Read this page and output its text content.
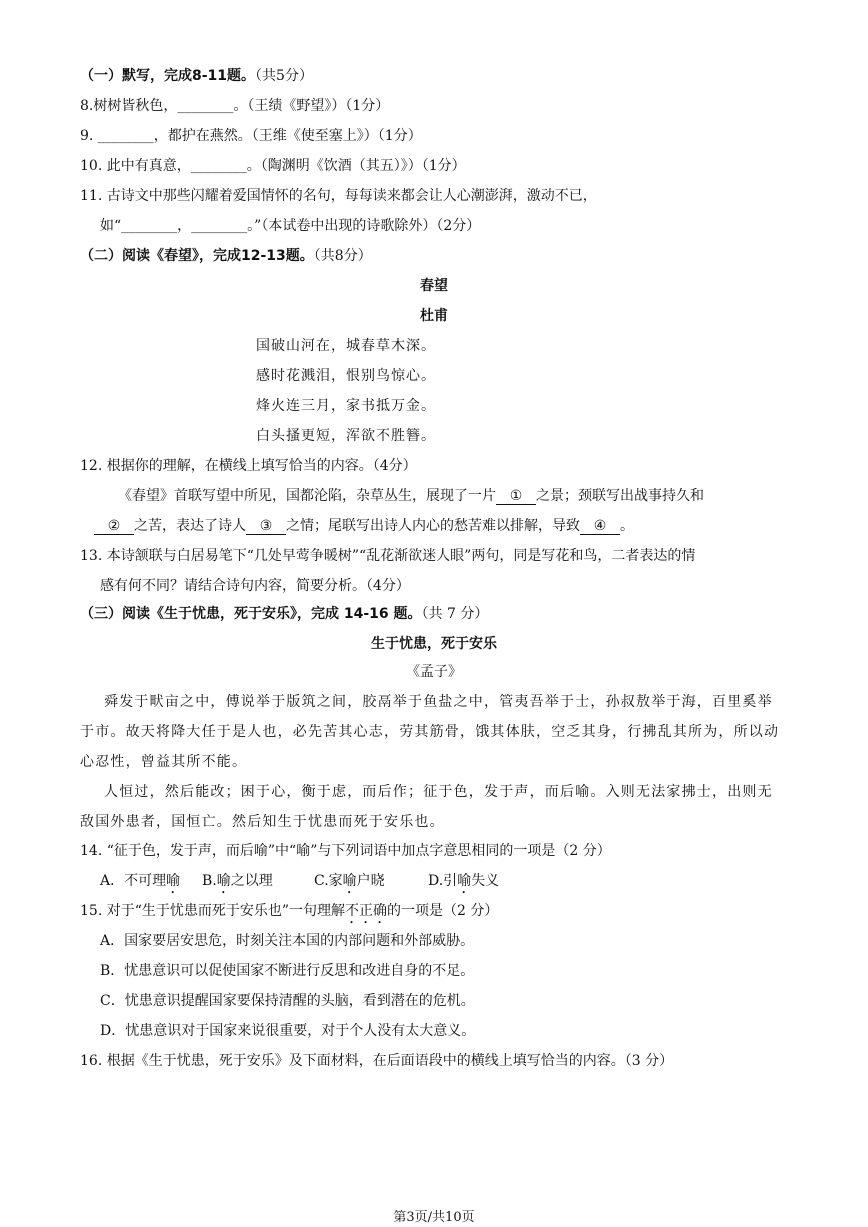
（一）默写，完成8-11题。（共5分）
8.树树皆秋色，________。（王绩《野望》）（1分）
9. ________，都护在燕然。（王维《使至塞上》）（1分）
10. 此中有真意，________。（陶渊明《饮酒（其五）》）（1分）
11. 古诗文中那些闪耀着爱国情怀的名句，每每读来都会让人心潮澎湃，激动不已，
如“________，________。”（本试卷中出现的诗歌除外）（2分）
（二）阅读《春望》，完成12-13题。（共8分）
春望
杜甫
国破山河在，城春草木深。
感时花溅泪，恨别鸟惊心。
烽火连三月，家书抵万金。
白头搔更短，浑欲不胜簪。
12. 根据你的理解，在横线上填写恰当的内容。（4分）
《春望》首联写望中所见，国都沦陷，杂草丛生，展现了一片 ① 之景；颈联写出战事持久和
② 之苦，表达了诗人 ③ 之情；尾联写出诗人内心的愁苦难以排解，导致 ④ 。
13. 本诗颔联与白居易笔下“几处早莺争暖树”“乱花渐欲迷人眼”两句，同是写花和鸟，二者表达的情
感有何不同？请结合诗句内容，简要分析。（4分）
（三）阅读《生于忧患，死于安乐》，完成 14-16 题。（共 7 分）
生于忧患，死于安乐
《孟子》
舜发于畎亩之中，傅说举于版筑之间，胶鬲举于鱼盐之中，管夷吾举于士，孙叔敖举于海，百里奚举
于市。故天将降大任于是人也，必先苦其心志，劳其筋骨，饿其体肤，空乏其身，行拂乱其所为，所以动
心忍性，曾益其所不能。
人恒过，然后能改；困于心，衡于虑，而后作；征于色，发于声，而后喻。入则无法家拂士，出则无
敌国外患者，国恒亡。然后知生于忧患而死于安乐也。
14. “征于色，发于声，而后喻”中“喻”与下列词语中加点字意思相同的一项是（2 分）
A．不可理喻 B.喻之以理	C.家喻户晓	D.引喻失义
15. 对于“生于忧患而死于安乐也”一句理解不正确的一项是（2 分）
A．国家要居安思危，时刻关注本国的内部问题和外部威胁。
B．忧患意识可以促使国家不断进行反思和改进自身的不足。
C．忧患意识提醒国家要保持清醒的头脑，看到潜在的危机。
D．忧患意识对于国家来说很重要，对于个人没有太大意义。
16. 根据《生于忧患，死于安乐》及下面材料，在后面语段中的横线上填写恰当的内容。（3 分）
第3页/共10页
